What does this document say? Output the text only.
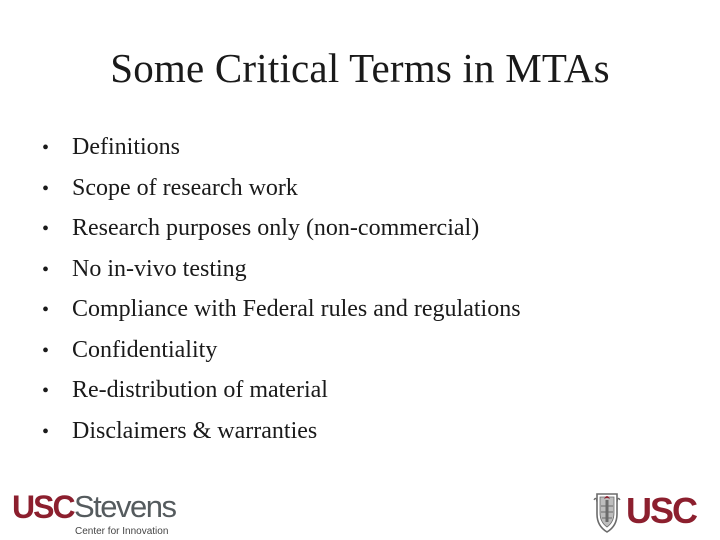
Some Critical Terms in MTAs
• Definitions
• Scope of research work
• Research purposes only (non-commercial)
• No in-vivo testing
• Compliance with Federal rules and regulations
• Confidentiality
• Re-distribution of material
• Disclaimers & warranties
USC Stevens
Center for Innovation
USC
